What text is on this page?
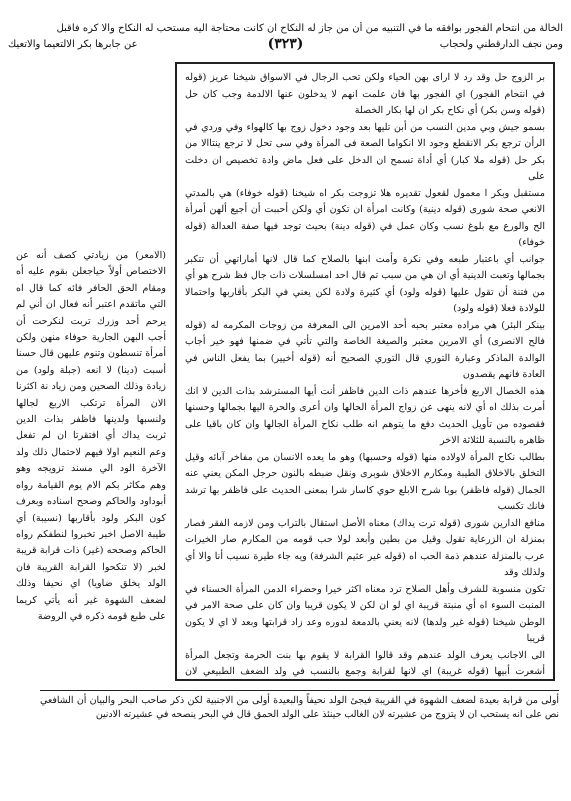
الخالة من انتحام الفجور بوافقه ما في التنبيه من أن من جاز له النكاح ان كانت محتاجة اليه مستحب له النكاح والا كره فاقبل
ومن نجف الدارقطني ولحجاب
(٣٢٣)
عن جابرها بكر الالتعيما والاتعيك

بر الزوج حل وقد رد لا اراى بهن الحياء ولكن تحب الرجال في الاسواق شيخنا عريز (قوله في انتحام الفجور) اي الفجور بها فان علمت انهم لا يدخلون عنها الالدمة وجب كان حل (قوله وسن بكر) أي نكاح بكر ان لها بكار الخصلة

بسمو جيش وبي مدين النسب من أبن تليها بعد وجود دخول زوج بها كالهواء وفي وردي في الرأن ترجع بكر الانقطع وجود الا انكواما الصعة فى المرأة وفي سى تحل لا ترجع ينتاالا من بكر حل (قوله ملا كبار) أي أداة تسمح ان الدخل على فعل ماض وادة تخصيص ان دخلت على

مستقبل وبكر ا معمول لقعول تقديره هلا تزوجت بكر اه شيخنا (قوله خوفاء) هي بالمدتي الانعي صحة شورى (قوله دينية) وكانت امرأة ان تكون أي ولكن أحببت أن أجيع ألهن أمرأة الح والورع مع بلوغ نسب وكان عمل في (قوله دينة) بحيث توجد فيها صفة العدالة (قوله خوفاء)

جوانب أي باعتبار طبعه وفي نكرة وأمت ابنها بالصلاح كما قال لانها أماراتهي أن تتكبر بجمالها وتعبت الدينية أي ان هي من سبب تم قال احد امسلسلات ذات جال فظ شرح هو أي من فتنة أن تقول عليها (قوله ولود) أي كثيرة ولادة لكن يعني في البكر بأقاربها واحتمالا للولادة فعلا (قوله ولود)

بينكر البئر) هي مراده معتبر بحبه أحد الامرين الى المعرفة من زوجات المكرمه له (قوله فالح الانصرى) أي الامرين معتبر والصيغة الخاصة والتي تأتي في ضمنها فهو خير أجاب الوالدة الماذكر وعبارة التوري قال التوري الصحيح أنه (قوله أخيير) بما يفعل الناس في العادة فانهم يقصدون

هذه الخصال الاربع فأخرها عندهم ذات الدين فاظفر أنت أيها المسترشد بذات الدين لا انك أمرت بذلك اه أي لانه ينهى عن زواج المرأة الحالها وان أعرى والحرة اليها بجمالها وحسنها فقصوده من تأويل الحديث دفع ما يتوهم انه طلب نكاح المرأة الجالها وان كان باقيا على ظاهره بالنسبة للثلاثة الاخر

بطالب نكاح المرأة لاولاده منها (قوله وحسبها) وهو ما يعده الانسان من مفاخر آبائه وقيل التخلق بالاخلاق الطيبة ومكارم الاخلاق شوبرى ونقل ضبطه بالنون حرجل المكن يعني عنه الجمال (قوله فاظفر) بوبا شرح الابلع حوي كاسار شرا بمعنى الحديث على فاظفر بها ترشد فانك تكسب

منافع الدارين شورى (قوله ترت يداك) معناه الأصل استقال بالتراب ومن لازمه الفقر فصار بمنزلة ان الزرعاية تقول وقيل من بطين وأبعد لولا حب قومه من المكارم صار الخيرات عرب بالمنزلة عندهم ذمة الحب اه (قوله غير عثيم الشرفة) ويه جاء طيرة نسيب أنا والا أي ولذلك وقد

تكون منسوبة للشرف وأهل الصلاح ترد معناه اكثر خيرا وحضراء الدمن المرأة الحسناء في المنبت السوء اه أي منبتة قريبة اي لو ان لكن لا يكون قريبا وان كان على صحة الامر في الوطن شيخنا (قوله غير ولدها) لانه يعني بالدمعة لدوره وعد زاد قرابتها وبعد لا اي لا يكون قريبا

الى الاجانب يعرف الولد عندهم وقد قالوا القرابة لا يقوم بها بنت الحرمة وتجعل المرأة أشعرت أبيها (قوله غريبة) اي لانها لقرابة وجمع بالنسب في ولد الضعف الطبيعي لان

(الامعر) من زيادتي كصف أنه عن الاختصاص أولاً حياجعلن بقوم عليه أه ومقام الحق الحافر فائه كما قال اه التي ماتقدم اعتبر أنه فعال ان أني لم يرحم أحد وزرك تربت لنكرحت أن أجب البهن الجارية حوفاء منهن ولكن أمرأة تنسطون وتنوم عليهن قال حسنا أسبت (دينا) لا انعه (جبلة ولود) من زيادة وذلك الصحين ومن زياد نة اكثرنا الان المرأة ترتكب الاربع لجالها ولنسبها ولدينها فاظفر بذات الدين ثربت يداك أي افتقرتا ان لم تفعل وعم النعيم اولا فيهم لاحتمال ذلك ولد الآخرة الود الي مسند تزويجه وهو وهم مكاثر بكم الام يوم القيامة رواه أبوداود والحاكم وصحح اسناده وبعرف كون البكر ولود بأقاربها (نسيبة) أي طيبة الاصل اخبر تخبروا لنطفكم رواه الحاكم وصححه (غير) ذات قرابة قريبة لخبر (لا تنكحوا القرابة القريبة فان الولد يخلق ضاويا) اي نحيفا وذلك لضعف الشهوة غير أنه يأتي كريما على طبع قومه ذكره في الروضة

أولى من قرابة بعيدة لضعف الشهوة في القريبة فيجئ الولد نحيفاً والبعيدة أولى من الاجنبية لكن ذكر صاحب البحر والبيان أن الشافعي نص على انه يستحب ان لا يتزوج من عشيرته لان الغالب حينئذ على الولد الحمق قال في البحر ينصحه في عشيرته الادنين
